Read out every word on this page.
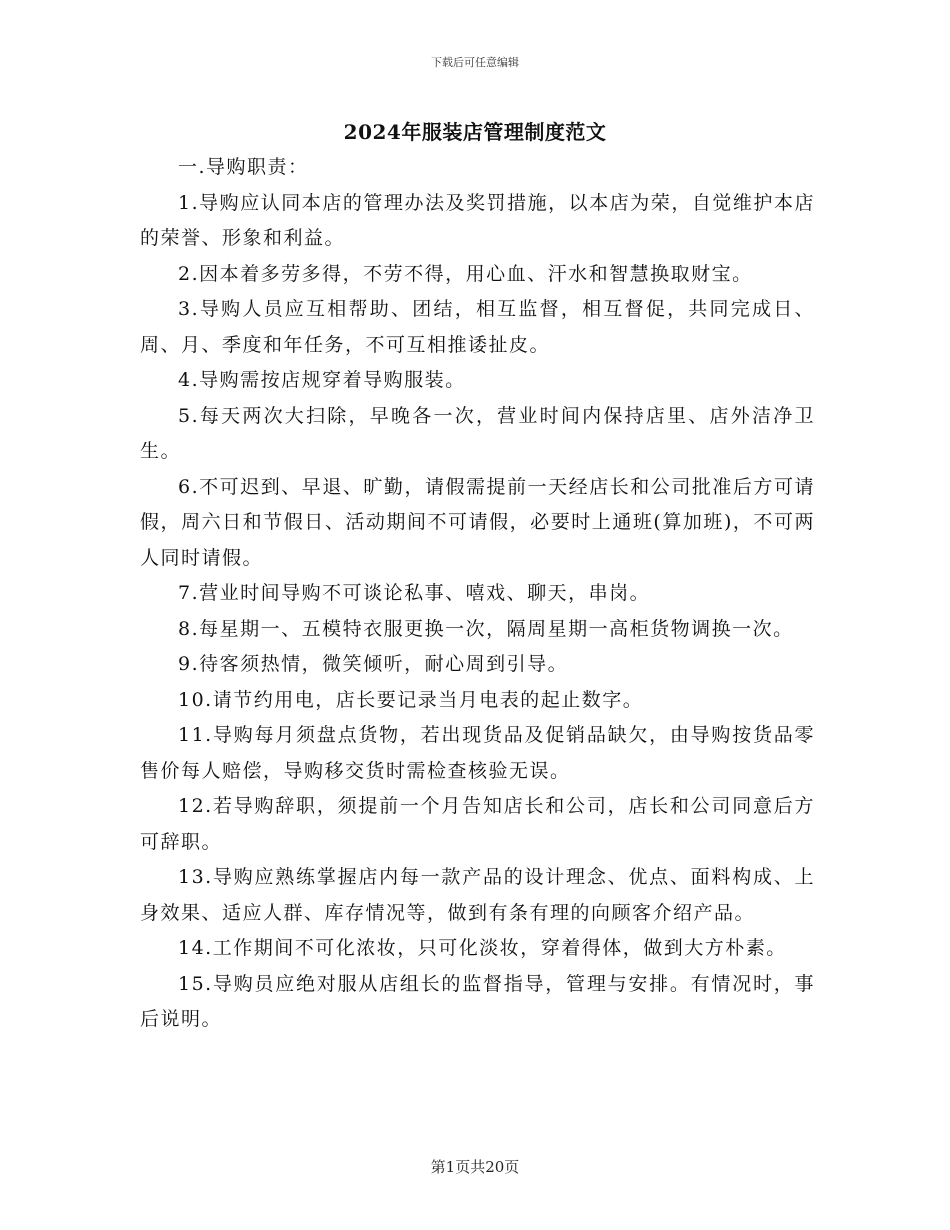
下载后可任意编辑
2024年服装店管理制度范文

一.导购职责：

1.导购应认同本店的管理办法及奖罚措施，以本店为荣，自觉维护本店的荣誉、形象和利益。

2.因本着多劳多得，不劳不得，用心血、汗水和智慧换取财宝。

3.导购人员应互相帮助、团结，相互监督，相互督促，共同完成日、周、月、季度和年任务，不可互相推诿扯皮。

4.导购需按店规穿着导购服装。

5.每天两次大扫除，早晚各一次，营业时间内保持店里、店外洁净卫生。

6.不可迟到、早退、旷勤，请假需提前一天经店长和公司批准后方可请假，周六日和节假日、活动期间不可请假，必要时上通班(算加班)，不可两人同时请假。

7.营业时间导购不可谈论私事、嘻戏、聊天，串岗。

8.每星期一、五模特衣服更换一次，隔周星期一高柜货物调换一次。

9.待客须热情，微笑倾听，耐心周到引导。

10.请节约用电，店长要记录当月电表的起止数字。

11.导购每月须盘点货物，若出现货品及促销品缺欠，由导购按货品零售价每人赔偿，导购移交货时需检查核验无误。

12.若导购辞职，须提前一个月告知店长和公司，店长和公司同意后方可辞职。

13.导购应熟练掌握店内每一款产品的设计理念、优点、面料构成、上身效果、适应人群、库存情况等，做到有条有理的向顾客介绍产品。

14.工作期间不可化浓妆，只可化淡妆，穿着得体，做到大方朴素。

15.导购员应绝对服从店组长的监督指导，管理与安排。有情况时，事后说明。

第1页共20页
